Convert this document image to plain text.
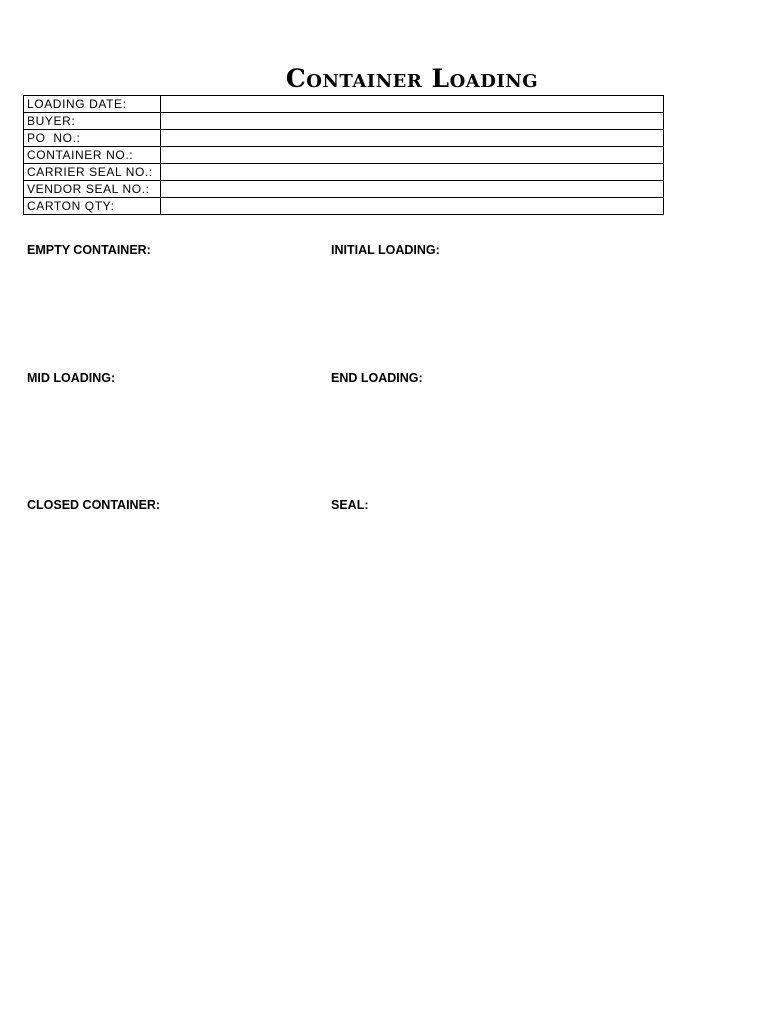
Container Loading
LOADING DATE:	
BUYER:	
PO  NO.:	
CONTAINER NO.:	
CARRIER SEAL NO.:	
VENDOR SEAL NO.:	
CARTON QTY:	
EMPTY CONTAINER:	INITIAL LOADING:
MID LOADING:	END LOADING:
CLOSED CONTAINER:	SEAL:
